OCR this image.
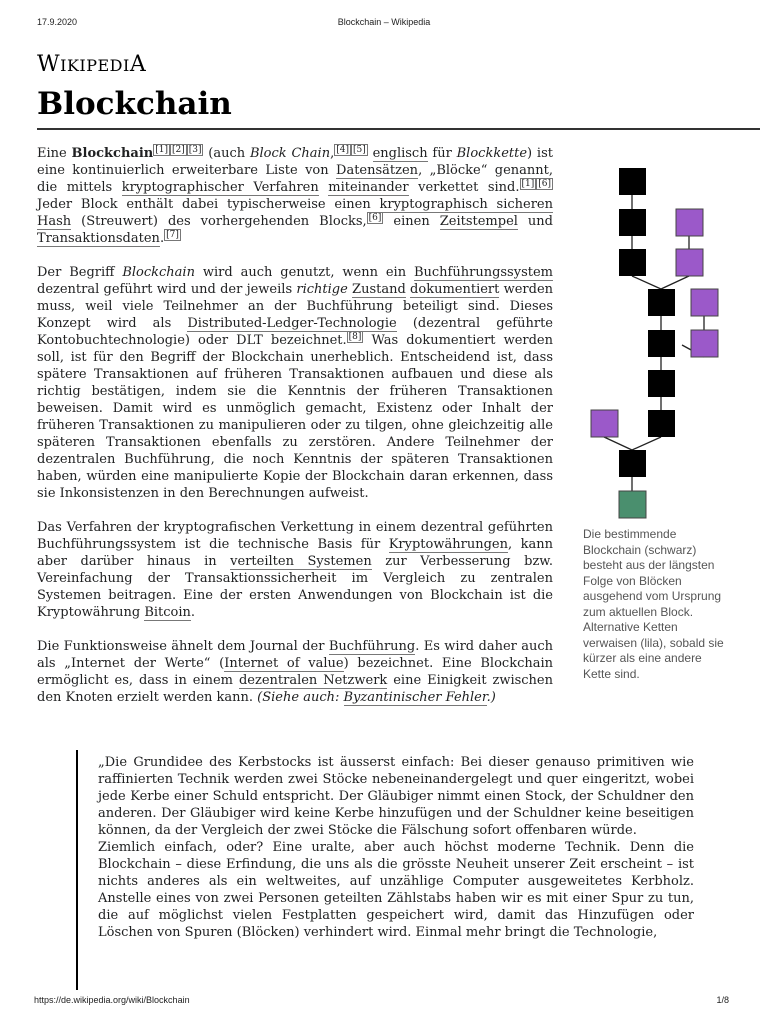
17.9.2020	Blockchain – Wikipedia
WIKIPEDIA
Blockchain

Eine Blockchain [1] [2] [3] (auch Block Chain, [4] [5] englisch für Blockkette) ist eine kontinuierlich erweiterbare Liste von Datensätzen, „Blöcke“ genannt, die mittels kryptographischer Verfahren miteinander verkettet sind. [1] [6] Jeder Block enthält dabei typischerweise einen kryptographisch sicheren Hash (Streuwert) des vorhergehenden Blocks, [6] einen Zeitstempel und Transaktionsdaten. [7]

Der Begriff Blockchain wird auch genutzt, wenn ein Buchführungssystem dezentral geführt wird und der jeweils richtige Zustand dokumentiert werden muss, weil viele Teilnehmer an der Buchführung beteiligt sind. Dieses Konzept wird als Distributed-Ledger-Technologie (dezentral geführte Kontobuchtechnologie) oder DLT bezeichnet. [8] Was dokumentiert werden soll, ist für den Begriff der Blockchain unerheblich. Entscheidend ist, dass spätere Transaktionen auf früheren Transaktionen aufbauen und diese als richtig bestätigen, indem sie die Kenntnis der früheren Transaktionen beweisen. Damit wird es unmöglich gemacht, Existenz oder Inhalt der früheren Transaktionen zu manipulieren oder zu tilgen, ohne gleichzeitig alle späteren Transaktionen ebenfalls zu zerstören. Andere Teilnehmer der dezentralen Buchführung, die noch Kenntnis der späteren Transaktionen haben, würden eine manipulierte Kopie der Blockchain daran erkennen, dass sie Inkonsistenzen in den Berechnungen aufweist.

Das Verfahren der kryptografischen Verkettung in einem dezentral geführten Buchführungssystem ist die technische Basis für Kryptowährungen, kann aber darüber hinaus in verteilten Systemen zur Verbesserung bzw. Vereinfachung der Transaktionssicherheit im Vergleich zu zentralen Systemen beitragen. Eine der ersten Anwendungen von Blockchain ist die Kryptowährung Bitcoin.

Die Funktionsweise ähnelt dem Journal der Buchführung. Es wird daher auch als „Internet der Werte“ (Internet of value) bezeichnet. Eine Blockchain ermöglicht es, dass in einem dezentralen Netzwerk eine Einigkeit zwischen den Knoten erzielt werden kann. (Siehe auch: Byzantinischer Fehler.)

Die bestimmende Blockchain (schwarz) besteht aus der längsten Folge von Blöcken ausgehend vom Ursprung zum aktuellen Block. Alternative Ketten verwaisen (lila), sobald sie kürzer als eine andere Kette sind.

„Die Grundidee des Kerbstocks ist äusserst einfach: Bei dieser genauso primitiven wie raffinierten Technik werden zwei Stöcke nebeneinandergelegt und quer eingeritzt, wobei jede Kerbe einer Schuld entspricht. Der Gläubiger nimmt einen Stock, der Schuldner den anderen. Der Gläubiger wird keine Kerbe hinzufügen und der Schuldner keine beseitigen können, da der Vergleich der zwei Stöcke die Fälschung sofort offenbaren würde.

Ziemlich einfach, oder? Eine uralte, aber auch höchst moderne Technik. Denn die Blockchain – diese Erfindung, die uns als die grösste Neuheit unserer Zeit erscheint – ist nichts anderes als ein weltweites, auf unzählige Computer ausgeweitetes Kerbholz. Anstelle eines von zwei Personen geteilten Zählstabs haben wir es mit einer Spur zu tun, die auf möglichst vielen Festplatten gespeichert wird, damit das Hinzufügen oder Löschen von Spuren (Blöcken) verhindert wird. Einmal mehr bringt die Technologie,

https://de.wikipedia.org/wiki/Blockchain	1/8
